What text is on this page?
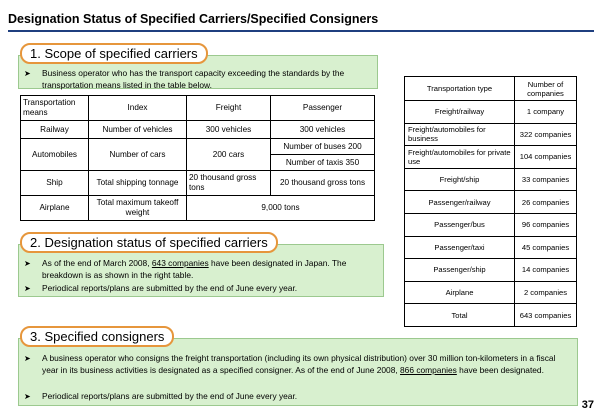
Designation Status of Specified Carriers/Specified Consigners
1. Scope of specified carriers
➤	Business operator who has the transport capacity exceeding the standards by the transportation means listed in the table below.
Transportation means	Index	Freight	Passenger
Railway	Number of vehicles	300 vehicles	300 vehicles
Automobiles	Number of cars	200 cars	Number of buses 200
			Number of taxis 350
Ship	Total shipping tonnage	20 thousand gross tons	20 thousand gross tons
Airplane	Total maximum takeoff weight	9,000 tons	
2. Designation status of specified carriers
➤	As of the end of March 2008, 643 companies have been designated in Japan. The breakdown is as shown in the right table.
➤	Periodical reports/plans are submitted by the end of June every year.
Transportation type	Number of companies
Freight/railway	1 company
Freight/automobiles for business	322 companies
Freight/automobiles for private use	104 companies
Freight/ship	33 companies
Passenger/railway	26 companies
Passenger/bus	96 companies
Passenger/taxi	45 companies
Passenger/ship	14 companies
Airplane	2 companies
Total	643 companies
3. Specified consigners
➤	A business operator who consigns the freight transportation (including its own physical distribution) over 30 million ton-kilometers in a fiscal year in its business activities is designated as a specified consigner. As of the end of June 2008, 866 companies have been designated.
➤	Periodical reports/plans are submitted by the end of June every year.
37
